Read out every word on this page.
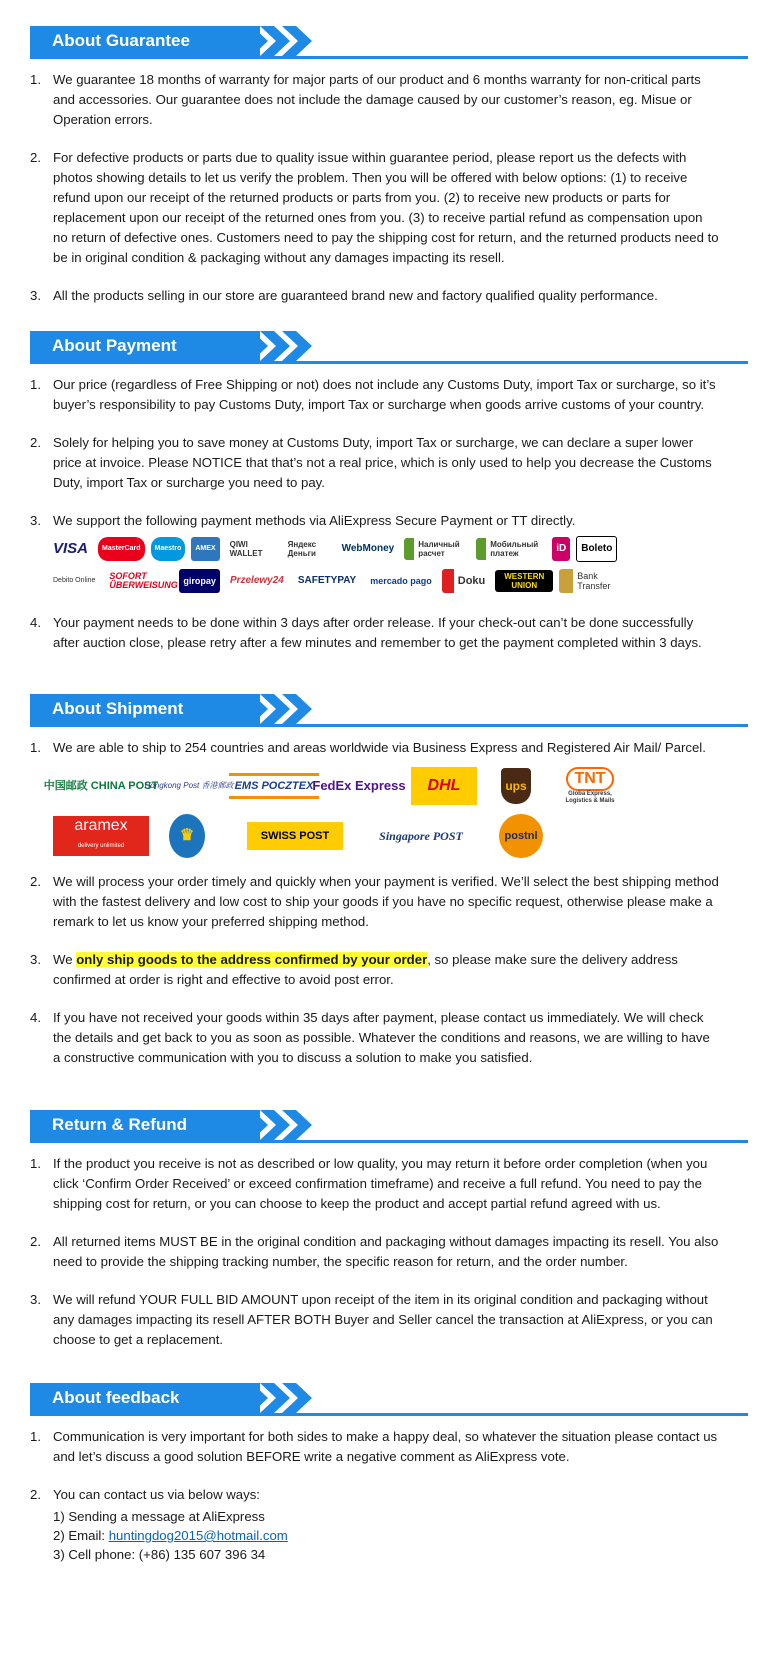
About Guarantee
1. We guarantee 18 months of warranty for major parts of our product and 6 months warranty for non-critical parts and accessories. Our guarantee does not include the damage caused by our customer’s reason, eg. Misue or Operation errors.
2. For defective products or parts due to quality issue within guarantee period, please report us the defects with photos showing details to let us verify the problem. Then you will be offered with below options: (1) to receive refund upon our receipt of the returned products or parts from you. (2) to receive new products or parts for replacement upon our receipt of the returned ones from you. (3) to receive partial refund as compensation upon no return of defective ones. Customers need to pay the shipping cost for return, and the returned products need to be in original condition & packaging without any damages impacting its resell.
3. All the products selling in our store are guaranteed brand new and factory qualified quality performance.
About Payment
1. Our price (regardless of Free Shipping or not) does not include any Customs Duty, import Tax or surcharge, so it’s buyer’s responsibility to pay Customs Duty, import Tax or surcharge when goods arrive customs of your country.
2. Solely for helping you to save money at Customs Duty, import Tax or surcharge, we can declare a super lower price at invoice. Please NOTICE that that’s not a real price, which is only used to help you decrease the Customs Duty, import Tax or surcharge you need to pay.
3. We support the following payment methods via AliExpress Secure Payment or TT directly.
VISA	MasterCard	Maestro	AMEX	QIWI WALLET
Яндекс Деньги	WebMoney	Наличный расчет
Мобильный платеж	iD	Boleto
Debito Online	SOFORT ÜBERWEISUNG giropay	Przelewy24	SAFETYPAY	mercado pago	Doku	WESTERN UNION
Bank Transfer
4. Your payment needs to be done within 3 days after order release. If your check-out can’t be done successfully after auction close, please retry after a few minutes and remember to get the payment completed within 3 days.
About Shipment
1. We are able to ship to 254 countries and areas worldwide via Business Express and Registered Air Mail/ Parcel.
中国邮政 CHINA POST
Hongkong Post 香港郵政 EMS POCZTEX
FedEx Express	DHL	ups	TNT
Globa Express, Logistics & Mails
aramex
delivery unlimited
♛	SWISS POST	Singapore POST	postnl
2. We will process your order timely and quickly when your payment is verified. We’ll select the best shipping method with the fastest delivery and low cost to ship your goods if you have no specific request, otherwise please make a remark to let us know your preferred shipping method.
3. We only ship goods to the address confirmed by your order, so please make sure the delivery address confirmed at order is right and effective to avoid post error.
4. If you have not received your goods within 35 days after payment, please contact us immediately. We will check the details and get back to you as soon as possible. Whatever the conditions and reasons, we are willing to have a constructive communication with you to discuss a solution to make you satisfied.
Return & Refund
1. If the product you receive is not as described or low quality, you may return it before order completion (when you click ‘Confirm Order Received’ or exceed confirmation timeframe) and receive a full refund. You need to pay the shipping cost for return, or you can choose to keep the product and accept partial refund agreed with us.
2. All returned items MUST BE in the original condition and packaging without damages impacting its resell. You also need to provide the shipping tracking number, the specific reason for return, and the order number.
3. We will refund YOUR FULL BID AMOUNT upon receipt of the item in its original condition and packaging without any damages impacting its resell AFTER BOTH Buyer and Seller cancel the transaction at AliExpress, or you can choose to get a replacement.
About feedback
1. Communication is very important for both sides to make a happy deal, so whatever the situation please contact us and let’s discuss a good solution BEFORE write a negative comment as AliExpress vote.
2. You can contact us via below ways:
1) Sending a message at AliExpress
2) Email: huntingdog2015@hotmail.com
3) Cell phone: (+86) 135 607 396 34
